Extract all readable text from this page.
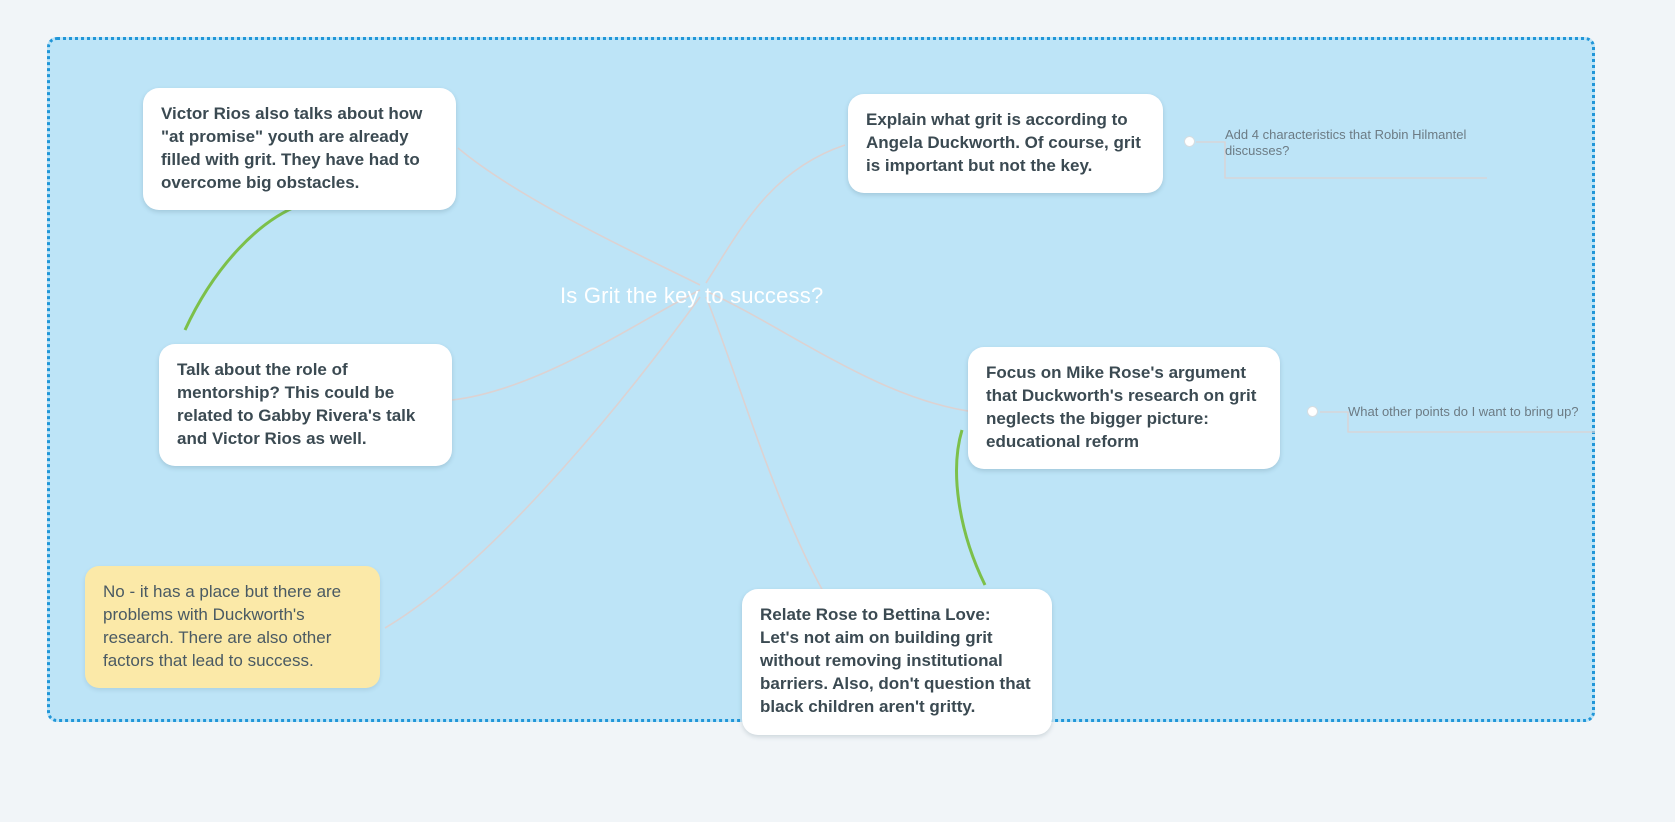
Is Grit the key to success?
Victor Rios also talks about how "at promise" youth are already filled with grit. They have had to overcome big obstacles.
Talk about the role of mentorship? This could be related to Gabby Rivera's talk and Victor Rios as well.
No - it has a place but there are problems with Duckworth's research. There are also other factors that lead to success.
Explain what grit is according to Angela Duckworth. Of course, grit is important but not the key.
Focus on Mike Rose's argument that Duckworth's research on grit neglects the bigger picture: educational reform
Relate Rose to Bettina Love: Let's not aim on building grit without removing institutional barriers. Also, don't question that black children aren't gritty.
Add 4 characteristics that Robin Hilmantel discusses?
What other points do I want to bring up?
